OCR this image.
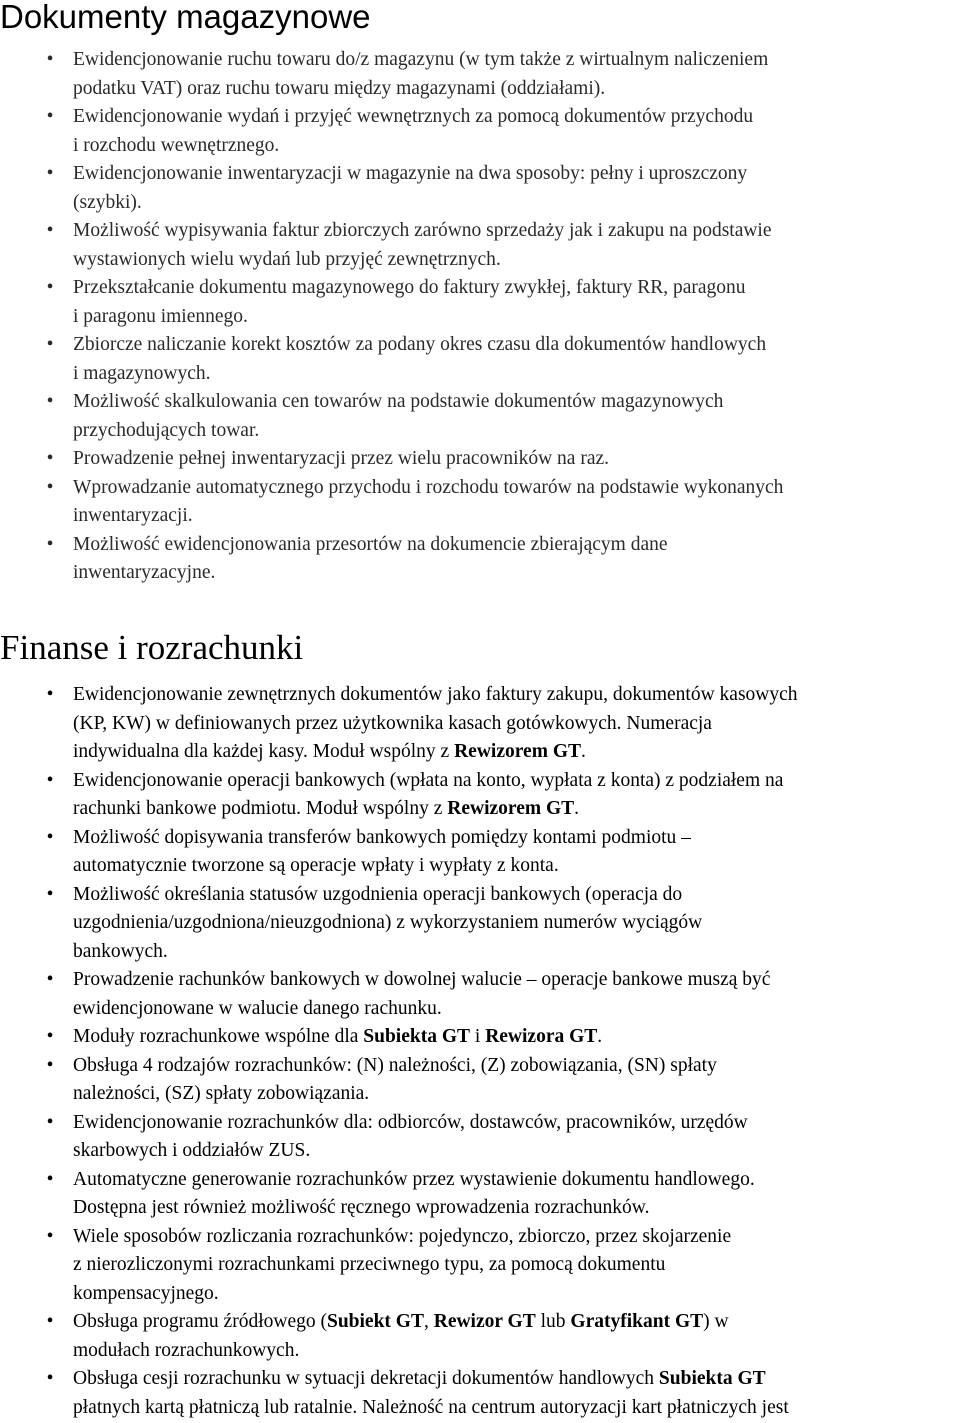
Dokumenty magazynowe
•	Ewidencjonowanie ruchu towaru do/z magazynu (w tym także z wirtualnym naliczeniem
podatku VAT) oraz ruchu towaru między magazynami (oddziałami).
•	Ewidencjonowanie wydań i przyjęć wewnętrznych za pomocą dokumentów przychodu
i rozchodu wewnętrznego.
•	Ewidencjonowanie inwentaryzacji w magazynie na dwa sposoby: pełny i uproszczony
(szybki).
•	Możliwość wypisywania faktur zbiorczych zarówno sprzedaży jak i zakupu na podstawie
wystawionych wielu wydań lub przyjęć zewnętrznych.
•	Przekształcanie dokumentu magazynowego do faktury zwykłej, faktury RR, paragonu
i paragonu imiennego.
•	Zbiorcze naliczanie korekt kosztów za podany okres czasu dla dokumentów handlowych
i magazynowych.
•	Możliwość skalkulowania cen towarów na podstawie dokumentów magazynowych
przychodujących towar.
•	Prowadzenie pełnej inwentaryzacji przez wielu pracowników na raz.
•	Wprowadzanie automatycznego przychodu i rozchodu towarów na podstawie wykonanych
inwentaryzacji.
•	Możliwość ewidencjonowania przesortów na dokumencie zbierającym dane
inwentaryzacyjne.
Finanse i rozrachunki
•	Ewidencjonowanie zewnętrznych dokumentów jako faktury zakupu, dokumentów kasowych
(KP, KW) w definiowanych przez użytkownika kasach gotówkowych. Numeracja
indywidualna dla każdej kasy. Moduł wspólny z Rewizorem GT.
•	Ewidencjonowanie operacji bankowych (wpłata na konto, wypłata z konta) z podziałem na
rachunki bankowe podmiotu. Moduł wspólny z Rewizorem GT.
•	Możliwość dopisywania transferów bankowych pomiędzy kontami podmiotu –
automatycznie tworzone są operacje wpłaty i wypłaty z konta.
•	Możliwość określania statusów uzgodnienia operacji bankowych (operacja do
uzgodnienia/uzgodniona/nieuzgodniona) z wykorzystaniem numerów wyciągów
bankowych.
•	Prowadzenie rachunków bankowych w dowolnej walucie – operacje bankowe muszą być
ewidencjonowane w walucie danego rachunku.
•	Moduły rozrachunkowe wspólne dla Subiekta GT i Rewizora GT.
•	Obsługa 4 rodzajów rozrachunków: (N) należności, (Z) zobowiązania, (SN) spłaty
należności, (SZ) spłaty zobowiązania.
•	Ewidencjonowanie rozrachunków dla: odbiorców, dostawców, pracowników, urzędów
skarbowych i oddziałów ZUS.
•	Automatyczne generowanie rozrachunków przez wystawienie dokumentu handlowego.
Dostępna jest również możliwość ręcznego wprowadzenia rozrachunków.
•	Wiele sposobów rozliczania rozrachunków: pojedynczo, zbiorczo, przez skojarzenie
z nierozliczonymi rozrachunkami przeciwnego typu, za pomocą dokumentu
kompensacyjnego.
•	Obsługa programu źródłowego (Subiekt GT, Rewizor GT lub Gratyfikant GT) w
modułach rozrachunkowych.
•	Obsługa cesji rozrachunku w sytuacji dekretacji dokumentów handlowych Subiekta GT
płatnych kartą płatniczą lub ratalnie. Należność na centrum autoryzacji kart płatniczych jest
